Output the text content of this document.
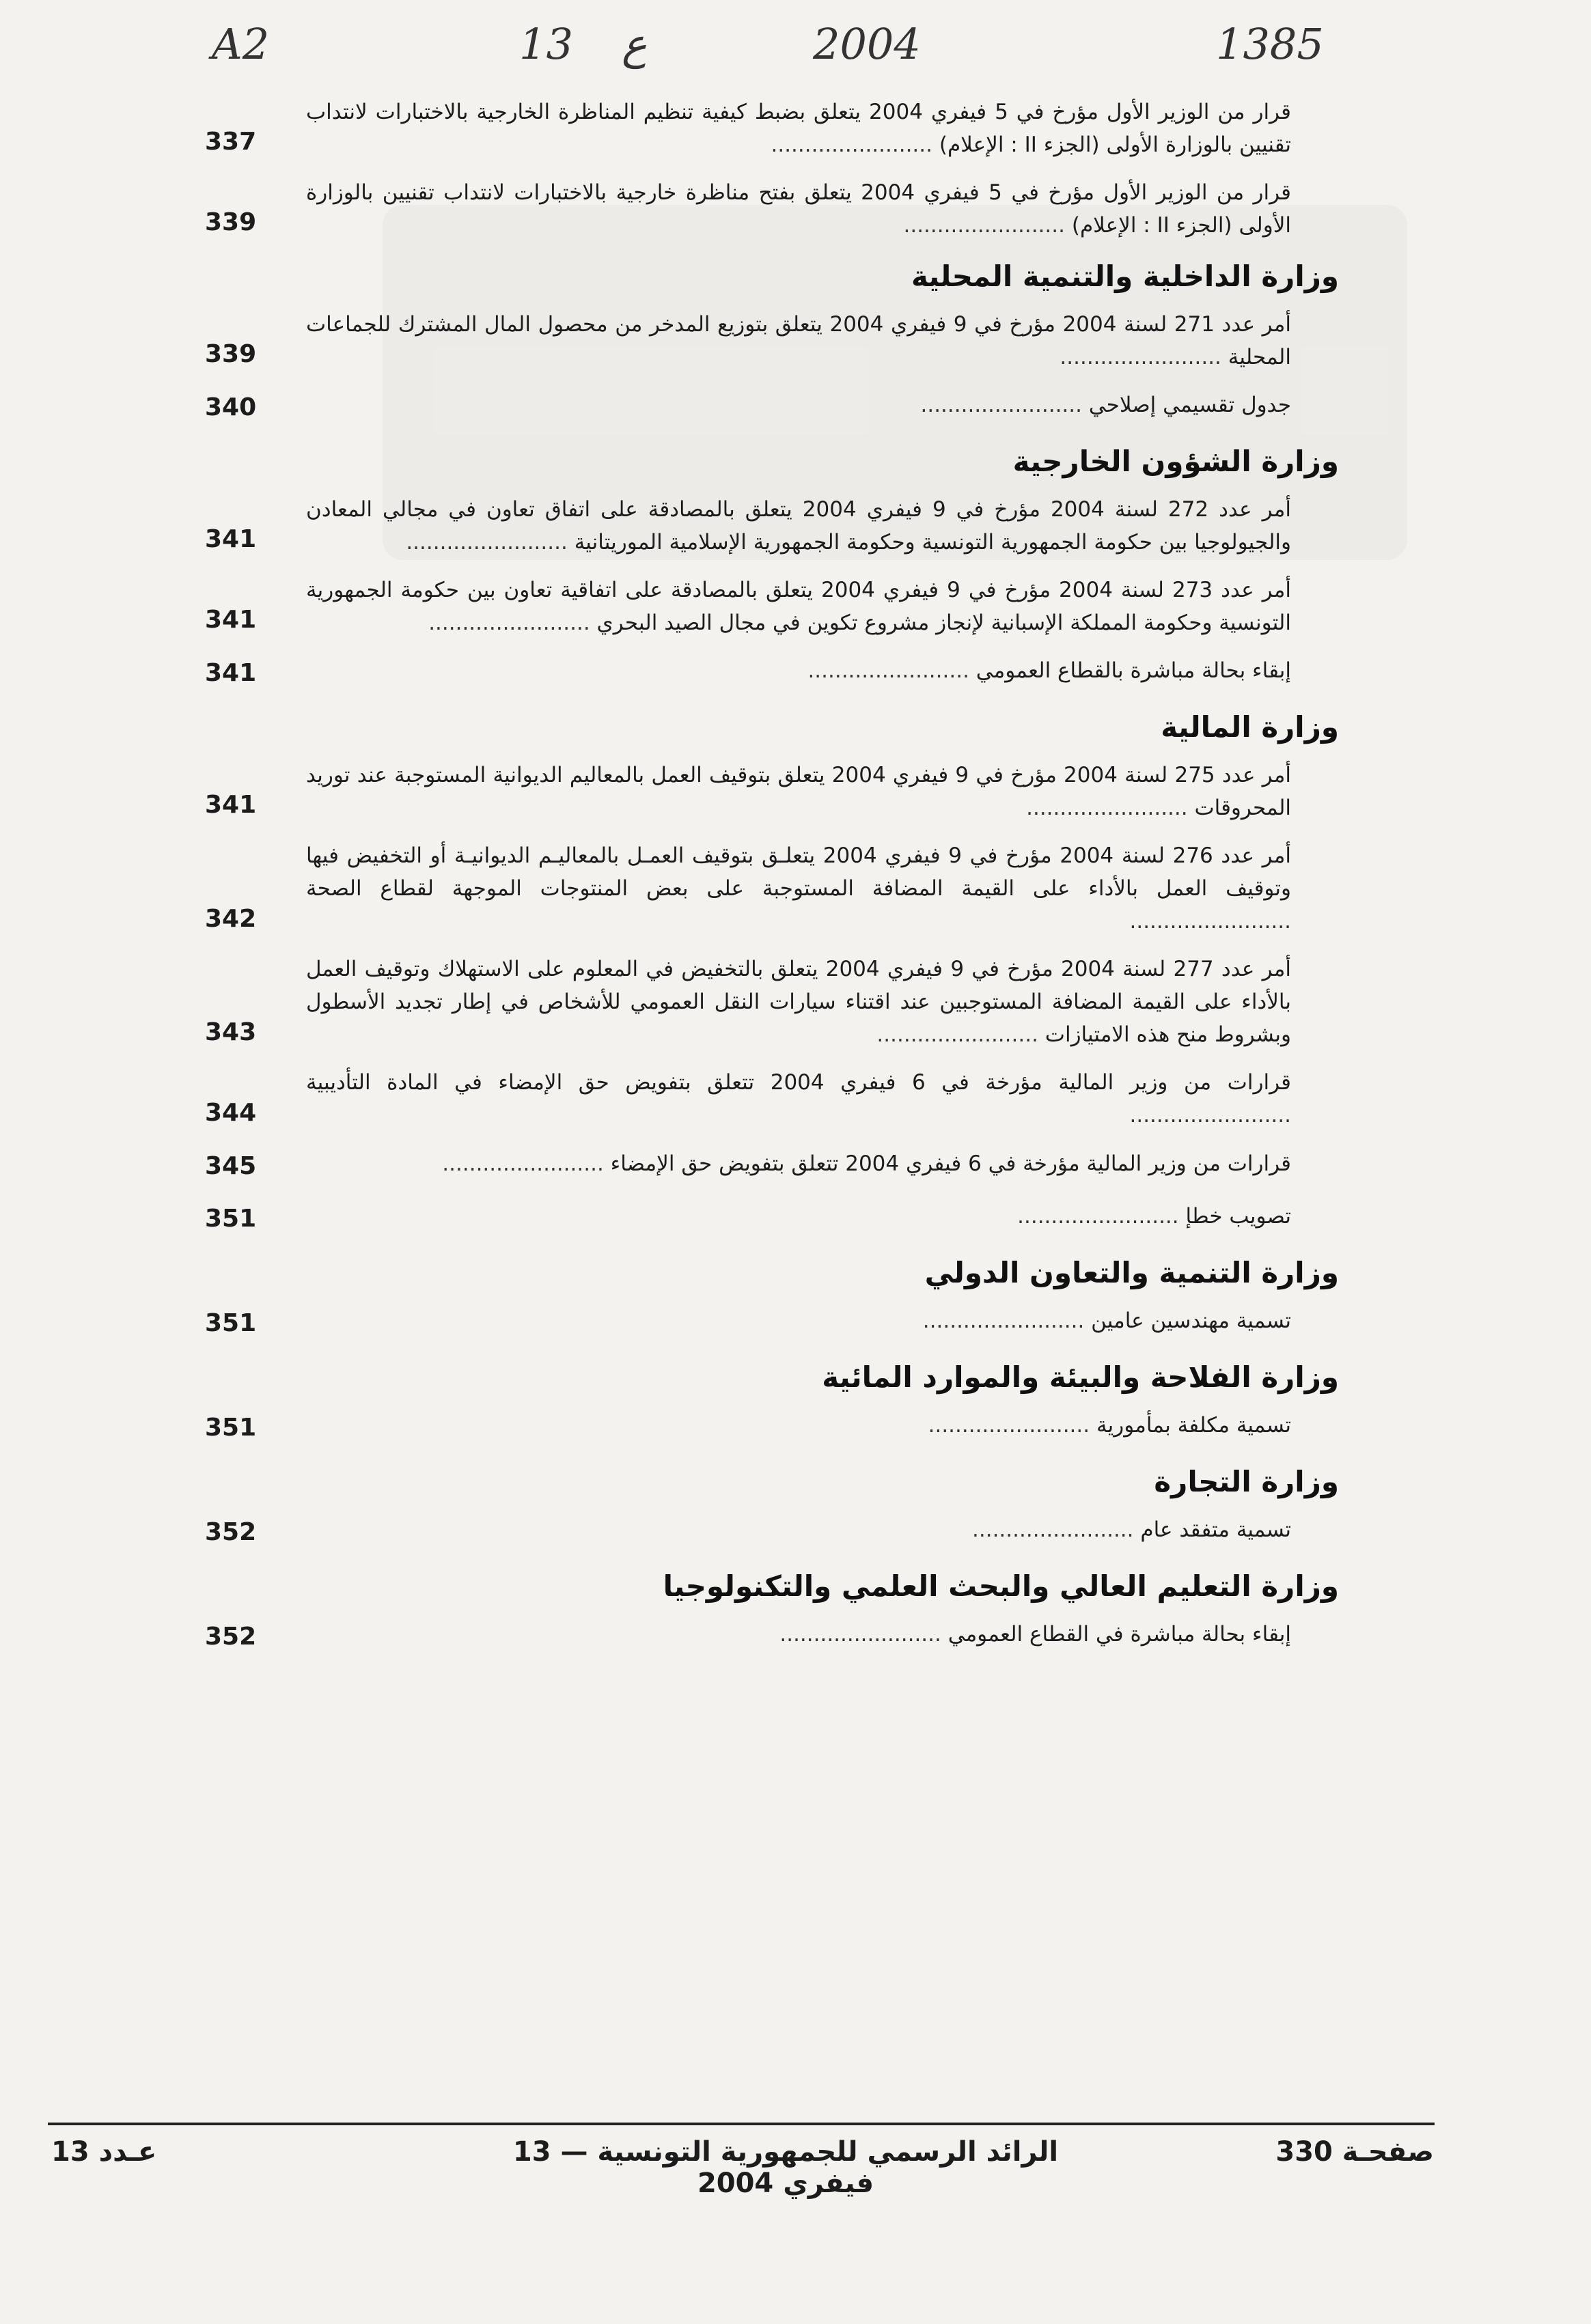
A2	13 ع	2004	1385
قرار من الوزير الأول مؤرخ في 5 فيفري 2004 يتعلق بضبط كيفية تنظيم المناظرة الخارجية بالاختبارات لانتداب تقنيين بالوزارة الأولى (الجزء II : الإعلام) ........................
337
قرار من الوزير الأول مؤرخ في 5 فيفري 2004 يتعلق بفتح مناظرة خارجية بالاختبارات لانتداب تقنيين بالوزارة الأولى (الجزء II : الإعلام) ........................
339
وزارة الداخلية والتنمية المحلية
أمر عدد 271 لسنة 2004 مؤرخ في 9 فيفري 2004 يتعلق بتوزيع المدخر من محصول المال المشترك للجماعات المحلية ........................
339
جدول تقسيمي إصلاحي ........................
340
وزارة الشؤون الخارجية
أمر عدد 272 لسنة 2004 مؤرخ في 9 فيفري 2004 يتعلق بالمصادقة على اتفاق تعاون في مجالي المعادن والجيولوجيا بين حكومة الجمهورية التونسية وحكومة الجمهورية الإسلامية الموريتانية ........................
341
أمر عدد 273 لسنة 2004 مؤرخ في 9 فيفري 2004 يتعلق بالمصادقة على اتفاقية تعاون بين حكومة الجمهورية التونسية وحكومة المملكة الإسبانية لإنجاز مشروع تكوين في مجال الصيد البحري ........................
341
إبقاء بحالة مباشرة بالقطاع العمومي ........................
341
وزارة المالية
أمر عدد 275 لسنة 2004 مؤرخ في 9 فيفري 2004 يتعلق بتوقيف العمل بالمعاليم الديوانية المستوجبة عند توريد المحروقات ........................
341
أمر عدد 276 لسنة 2004 مؤرخ في 9 فيفري 2004 يتعلـق بتوقيف العمـل بالمعاليـم الديوانيـة أو التخفيض فيها وتوقيف العمل بالأداء على القيمة المضافة المستوجبة على بعض المنتوجات الموجهة لقطاع الصحة ........................
342
أمر عدد 277 لسنة 2004 مؤرخ في 9 فيفري 2004 يتعلق بالتخفيض في المعلوم على الاستهلاك وتوقيف العمل بالأداء على القيمة المضافة المستوجبين عند اقتناء سيارات النقل العمومي للأشخاص في إطار تجديد الأسطول وبشروط منح هذه الامتيازات ........................
343
قرارات من وزير المالية مؤرخة في 6 فيفري 2004 تتعلق بتفويض حق الإمضاء في المادة التأديبية ........................
344
قرارات من وزير المالية مؤرخة في 6 فيفري 2004 تتعلق بتفويض حق الإمضاء ........................
345
تصويب خطإ ........................
351
وزارة التنمية والتعاون الدولي
تسمية مهندسين عامين ........................
351
وزارة الفلاحة والبيئة والموارد المائية
تسمية مكلفة بمأمورية ........................
351
وزارة التجارة
تسمية متفقد عام ........................
352
وزارة التعليم العالي والبحث العلمي والتكنولوجيا
إبقاء بحالة مباشرة في القطاع العمومي ........................
352
صفحـة 330
الرائد الرسمي للجمهورية التونسية — 13 فيفري 2004
عـدد 13
